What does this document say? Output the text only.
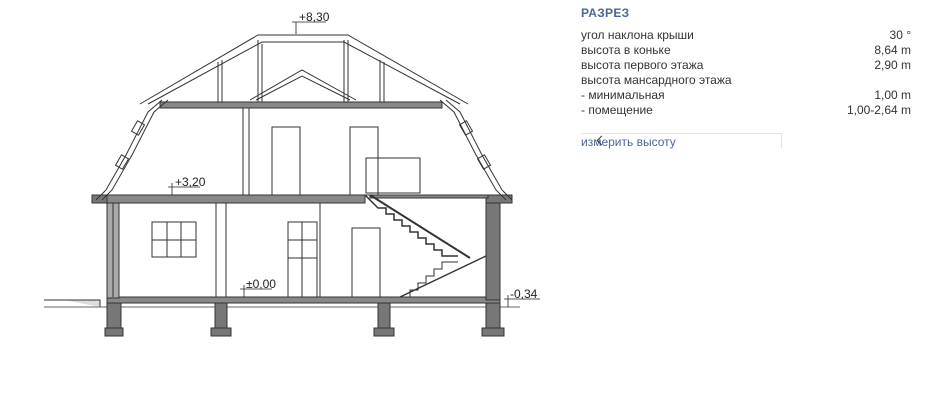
+8,30
+3,20
±0,00
-0,34
РАЗРЕЗ
угол наклона крыши	30 °
высота в коньке	8,64 m
высота первого этажа	2,90 m
высота мансардного этажа
- минимальная	1,00 m
- помещение	1,00-2,64 m
измерить высоту
